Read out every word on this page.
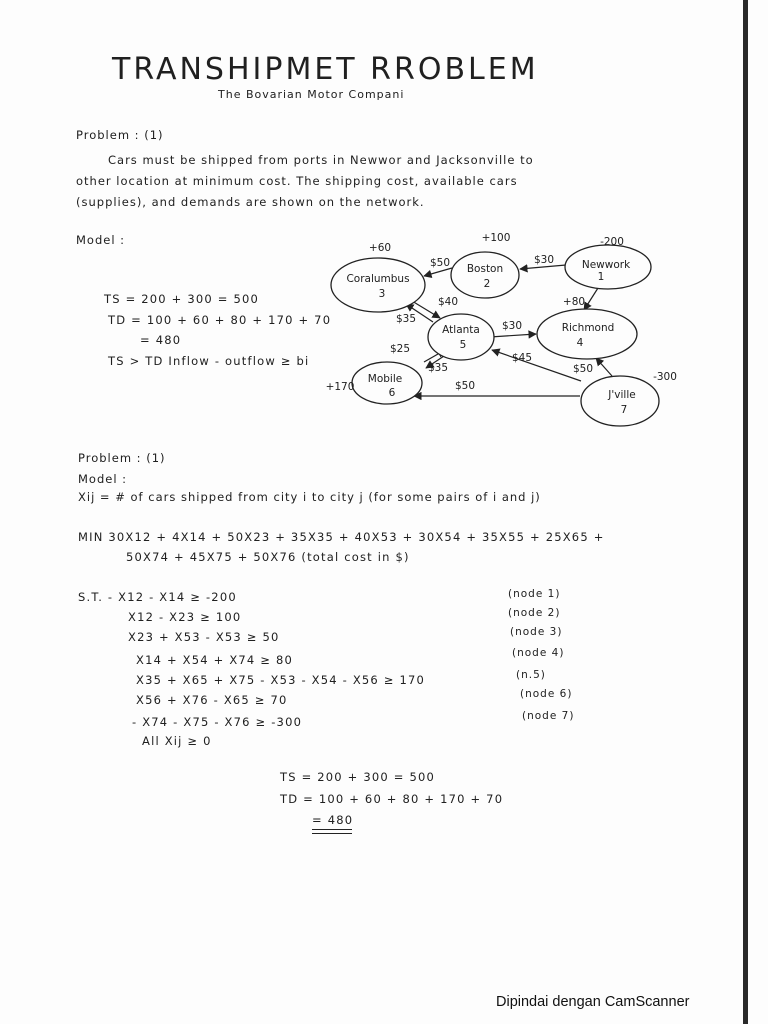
TRANSHIPMET RROBLEM
The Bovarian Motor Compani
Problem : (1)
Cars must be shipped from ports in Newwor and Jacksonville to
other location at minimum cost. The shipping cost, available cars
(supplies), and demands are shown on the network.
Model :
TS = 200 + 300 = 500
TD = 100 + 60 + 80 + 170 + 70
= 480
TS > TD Inflow - outflow ≥ bi
Coralumbus
3
Boston
2
Newwork
1
Atlanta
5
Richmond
4
Mobile
6	J'ville
7
+60
+100	-200
+80
+170
-300
$50	$30
$40
$35
$30
$25
$35
$45
$50
$50
Problem : (1)
Model :
Xij = # of cars shipped from city i to city j (for some pairs of i and j)
MIN 30X12 + 4X14 + 50X23 + 35X35 + 40X53 + 30X54 + 35X55 + 25X65 +
50X74 + 45X75 + 50X76 (total cost in $)
S.T. - X12 - X14 ≥ -200	(node 1)
X12 - X23 ≥ 100	(node 2)
X23 + X53 - X53 ≥ 50	(node 3)
X14 + X54 + X74 ≥ 80	(node 4)
X35 + X65 + X75 - X53 - X54 - X56 ≥ 170	(n.5)
X56 + X76 - X65 ≥ 70	(node 6)
- X74 - X75 - X76 ≥ -300	(node 7)
All Xij ≥ 0
TS = 200 + 300 = 500
TD = 100 + 60 + 80 + 170 + 70
= 480
Dipindai dengan CamScanner
